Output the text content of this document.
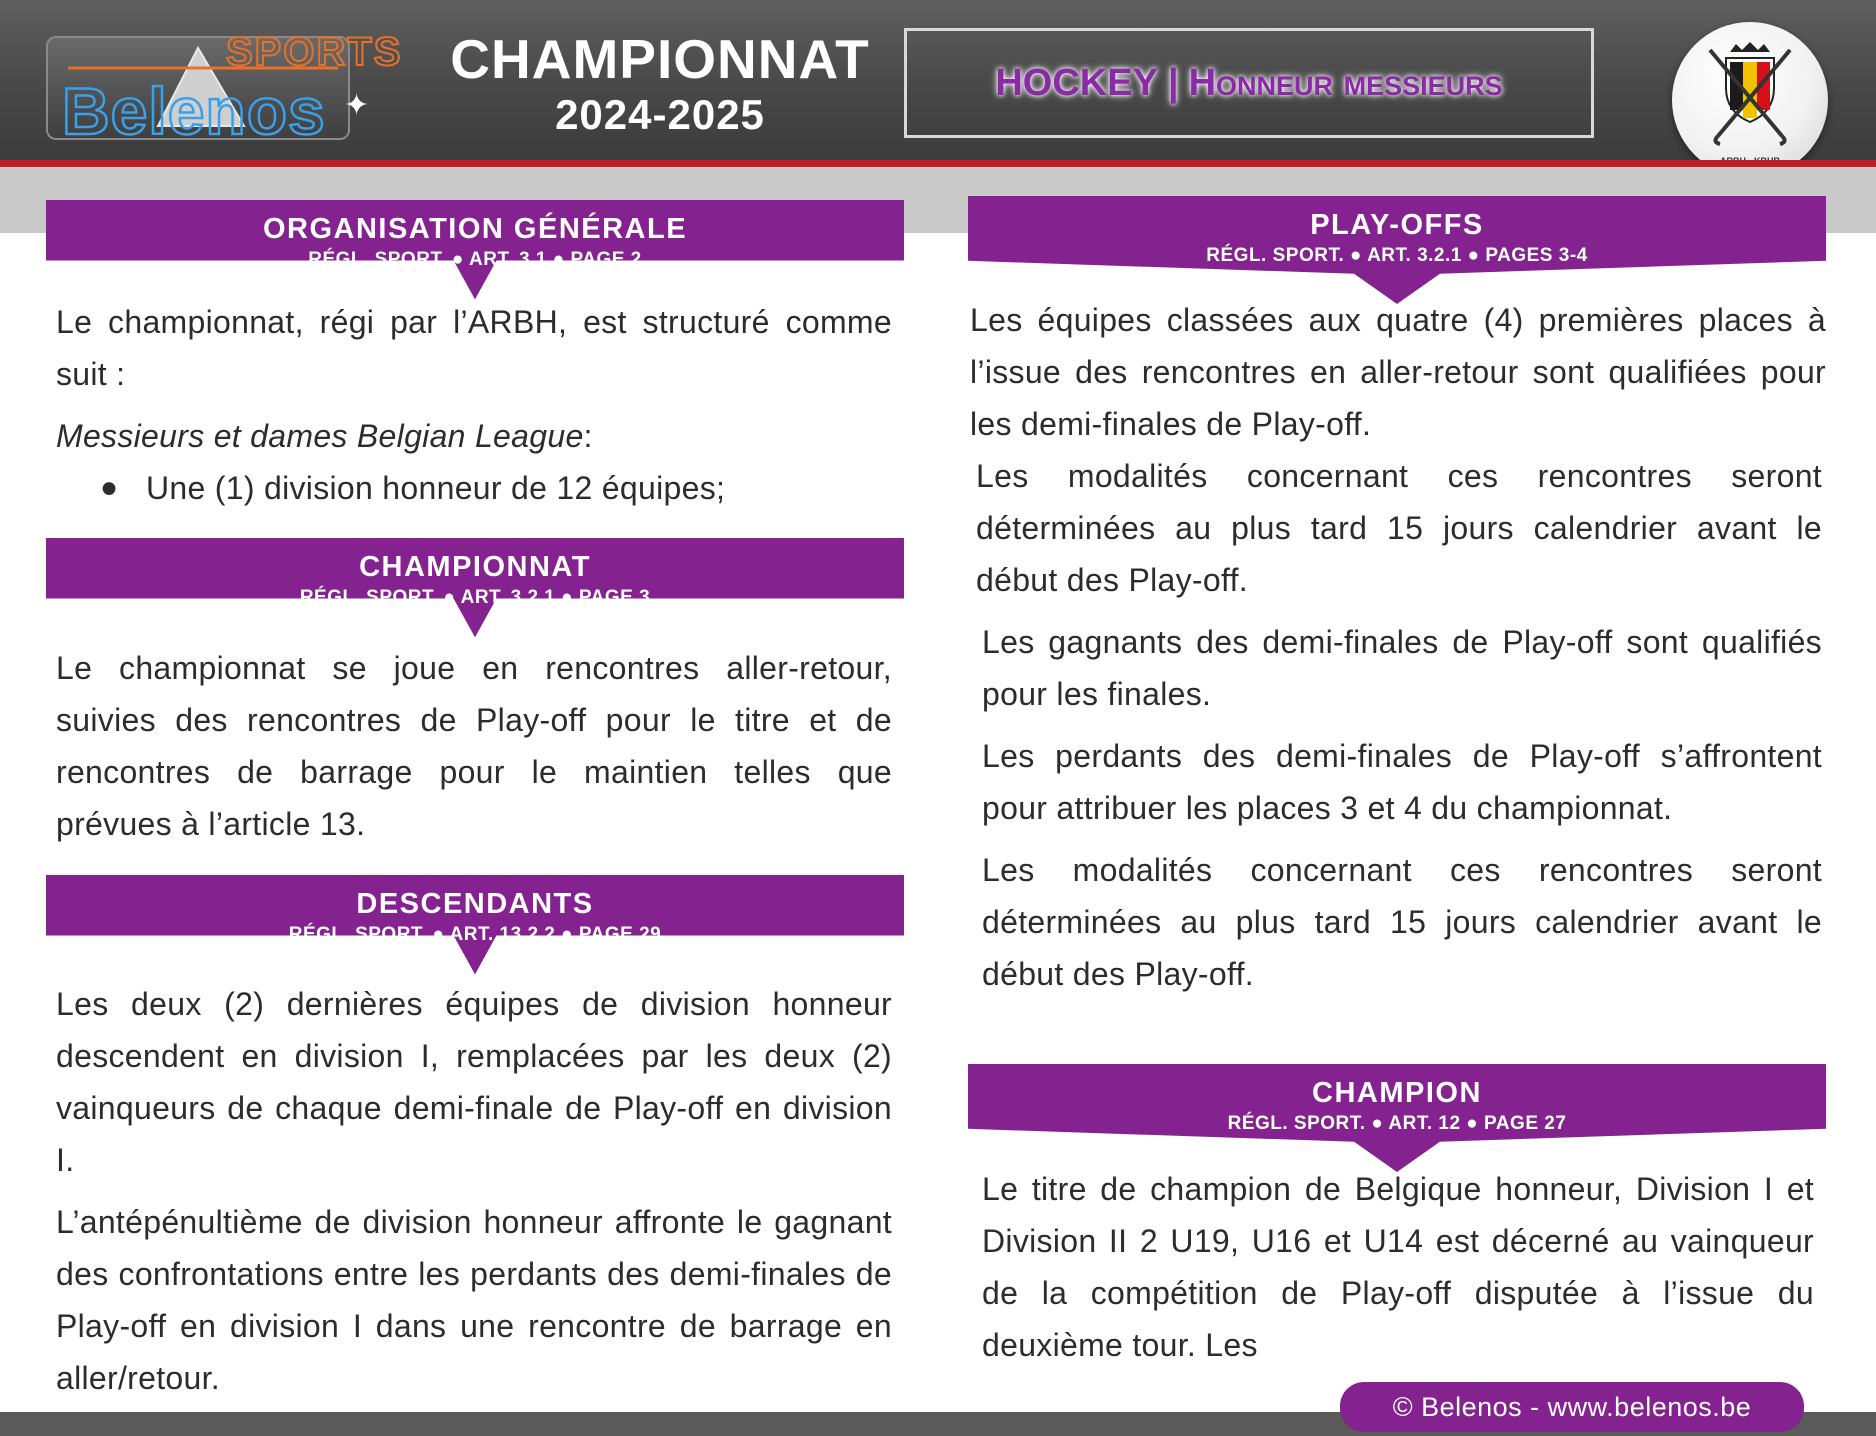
Belenos ✦
SPORTS CHAMPIONNAT
2024-2025
HOCKEY | Honneur messieurs
ORGANISATION GÉNÉRALE
RÉGL. SPORT. ● ART. 3.1 ● PAGE 2

Le championnat, régi par l’ARBH, est structuré comme suit :

Messieurs et dames Belgian League:

● Une (1) division honneur de 12 équipes;
CHAMPIONNAT
RÉGL. SPORT. ● ART. 3.2.1 ● PAGE 3

Le championnat se joue en rencontres aller-retour, suivies des rencontres de Play-off pour le titre et de rencontres de barrage pour le maintien telles que prévues à l’article 13.

DESCENDANTS
RÉGL. SPORT. ● ART. 13.2.2 ● PAGE 29

Les deux (2) dernières équipes de division honneur descendent en division I, remplacées par les deux (2) vainqueurs de chaque demi-finale de Play-off en division I.

L’antépénultième de division honneur affronte le gagnant des confrontations entre les perdants des demi-finales de Play-off en division I dans une rencontre de barrage en aller/retour.

PLAY-OFFS
RÉGL. SPORT. ● ART. 3.2.1 ● PAGES 3-4

Les équipes classées aux quatre (4) premières places à l’issue des rencontres en aller-retour sont qualifiées pour les demi-finales de Play-off.

Les modalités concernant ces rencontres seront déterminées au plus tard 15 jours calendrier avant le début des Play-off.

Les gagnants des demi-finales de Play-off sont qualifiés pour les finales.

Les perdants des demi-finales de Play-off s’affrontent pour attribuer les places 3 et 4 du championnat.

Les modalités concernant ces rencontres seront déterminées au plus tard 15 jours calendrier avant le début des Play-off.

CHAMPION
RÉGL. SPORT. ● ART. 12 ● PAGE 27

Le titre de champion de Belgique honneur, Division I et Division II 2 U19, U16 et U14 est décerné au vainqueur de la compétition de Play-off disputée à l’issue du deuxième tour. Les

© Belenos - www.belenos.be
